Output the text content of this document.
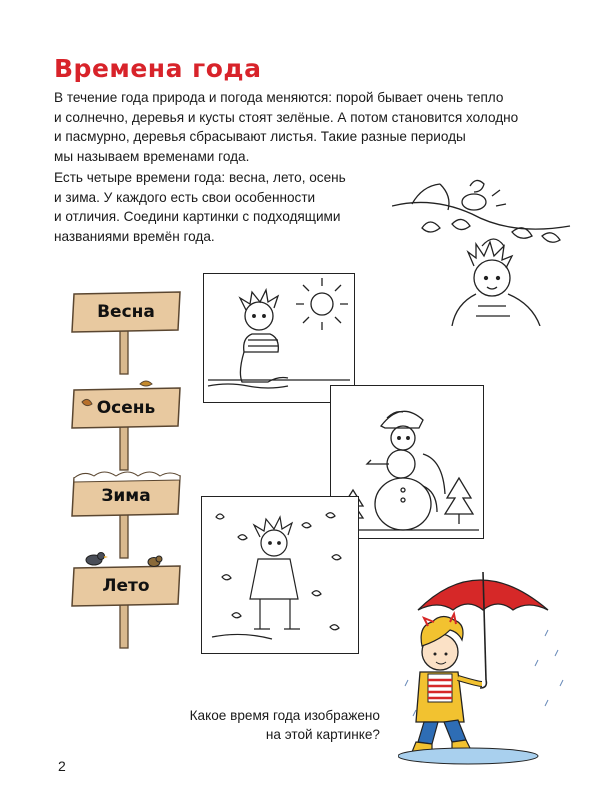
Времена года
В течение года природа и погода меняются: порой бывает очень тепло
и солнечно, деревья и кусты стоят зелёные. А потом становится холодно
и пасмурно, деревья сбрасывают листья. Такие разные периоды
мы называем временами года.
Есть четыре времени года: весна, лето, осень
и зима. У каждого есть свои особенности
и отличия. Соедини картинки с подходящими
названиями времён года.
Весна
Осень
Зима
Лето
Какое время года изображено
на этой картинке?
2
